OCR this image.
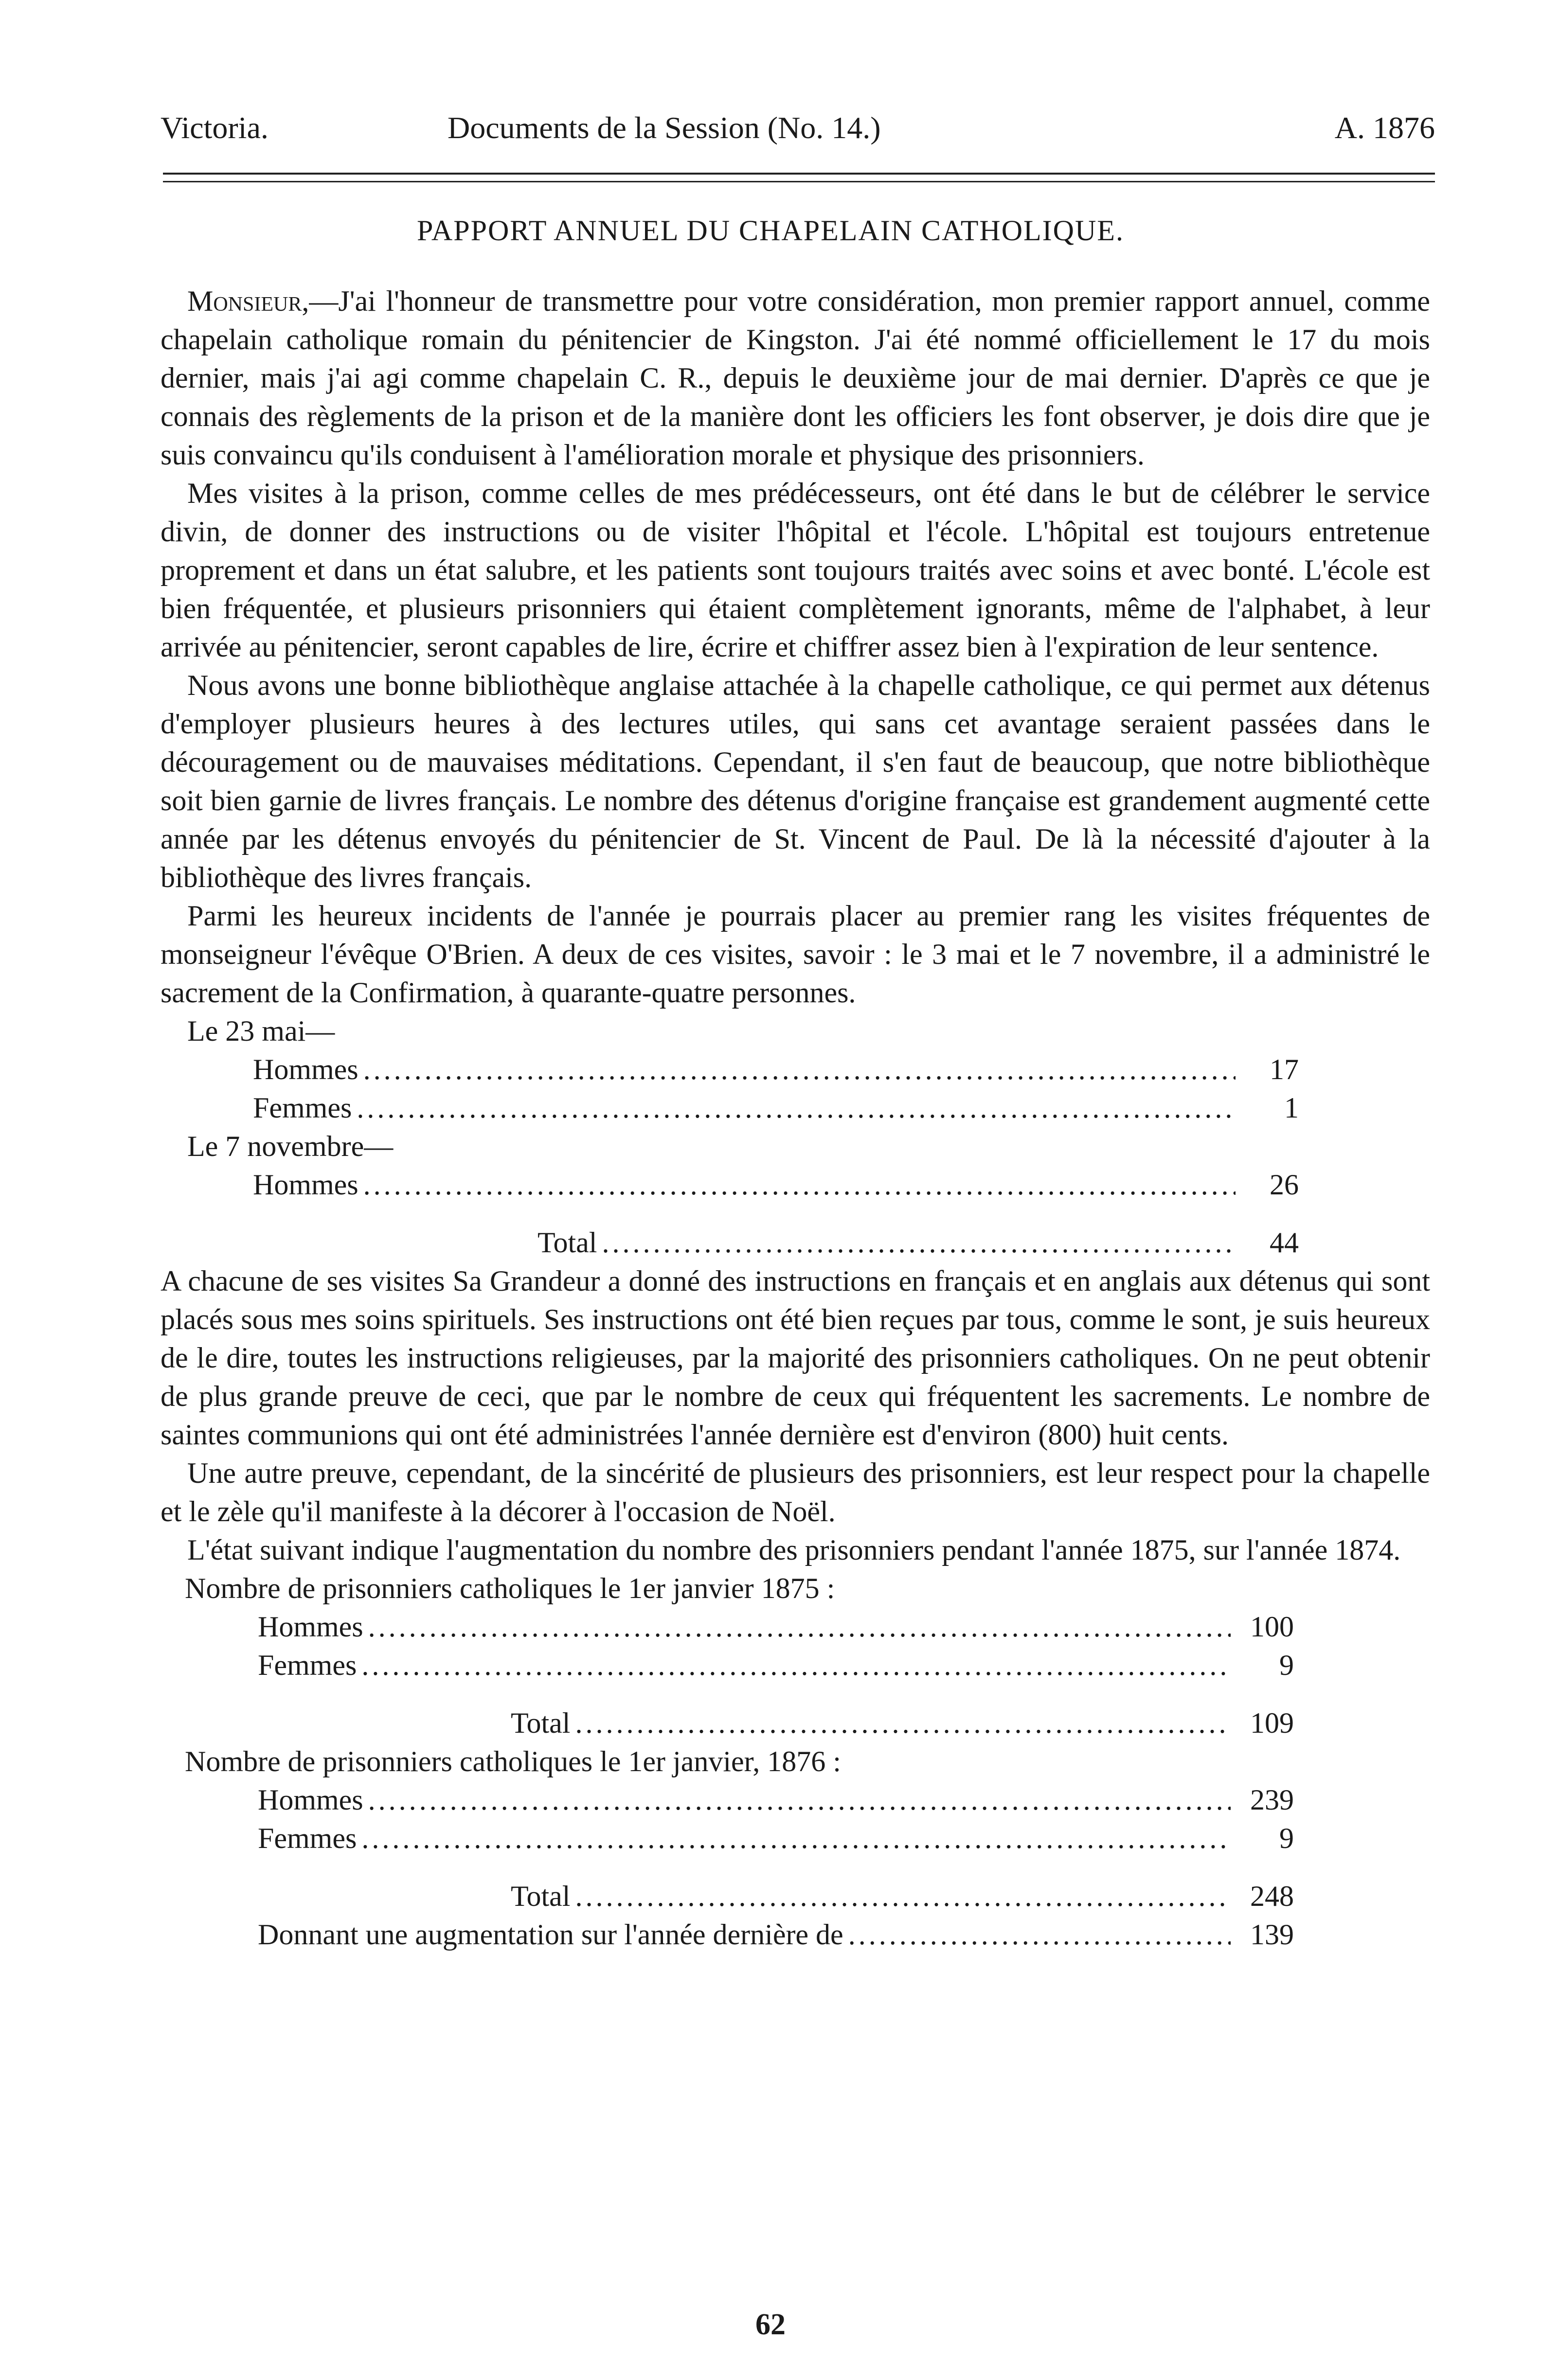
Victoria.	Documents de la Session (No. 14.)	A. 1876
PAPPORT ANNUEL DU CHAPELAIN CATHOLIQUE.

Monsieur,—J'ai l'honneur de transmettre pour votre considération, mon premier rapport annuel, comme chapelain catholique romain du pénitencier de Kingston. J'ai été nommé officiellement le 17 du mois dernier, mais j'ai agi comme chapelain C. R., depuis le deuxième jour de mai dernier. D'après ce que je connais des règlements de la prison et de la manière dont les officiers les font observer, je dois dire que je suis convaincu qu'ils conduisent à l'amélioration morale et physique des prisonniers.

Mes visites à la prison, comme celles de mes prédécesseurs, ont été dans le but de célébrer le service divin, de donner des instructions ou de visiter l'hôpital et l'école. L'hôpital est toujours entretenue proprement et dans un état salubre, et les patients sont toujours traités avec soins et avec bonté. L'école est bien fréquentée, et plusieurs prisonniers qui étaient complètement ignorants, même de l'alphabet, à leur arrivée au pénitencier, seront capables de lire, écrire et chiffrer assez bien à l'expiration de leur sentence.

Nous avons une bonne bibliothèque anglaise attachée à la chapelle catholique, ce qui permet aux détenus d'employer plusieurs heures à des lectures utiles, qui sans cet avantage seraient passées dans le découragement ou de mauvaises méditations. Cependant, il s'en faut de beaucoup, que notre bibliothèque soit bien garnie de livres français. Le nombre des détenus d'origine française est grandement augmenté cette année par les détenus envoyés du pénitencier de St. Vincent de Paul. De là la nécessité d'ajouter à la bibliothèque des livres français.

Parmi les heureux incidents de l'année je pourrais placer au premier rang les visites fréquentes de monseigneur l'évêque O'Brien. A deux de ces visites, savoir : le 3 mai et le 7 novembre, il a administré le sacrement de la Confirmation, à quarante-quatre personnes.

Le 23 mai—
Hommes .....	17
Femmes .....	1
Le 7 novembre—
Hommes .....	26
Total .....	44

A chacune de ses visites Sa Grandeur a donné des instructions en français et en anglais aux détenus qui sont placés sous mes soins spirituels. Ses instructions ont été bien reçues par tous, comme le sont, je suis heureux de le dire, toutes les instructions religieuses, par la majorité des prisonniers catholiques. On ne peut obtenir de plus grande preuve de ceci, que par le nombre de ceux qui fréquentent les sacrements. Le nombre de saintes communions qui ont été administrées l'année dernière est d'environ (800) huit cents.

Une autre preuve, cependant, de la sincérité de plusieurs des prisonniers, est leur respect pour la chapelle et le zèle qu'il manifeste à la décorer à l'occasion de Noël.

L'état suivant indique l'augmentation du nombre des prisonniers pendant l'année 1875, sur l'année 1874.

Nombre de prisonniers catholiques le 1er janvier 1875 :
Hommes .....	100
Femmes .....	9
Total .....	109
Nombre de prisonniers catholiques le 1er janvier, 1876 :
Hommes .....	239
Femmes .....	9
Total .....	248
Donnant une augmentation sur l'année dernière de .....	139
62
